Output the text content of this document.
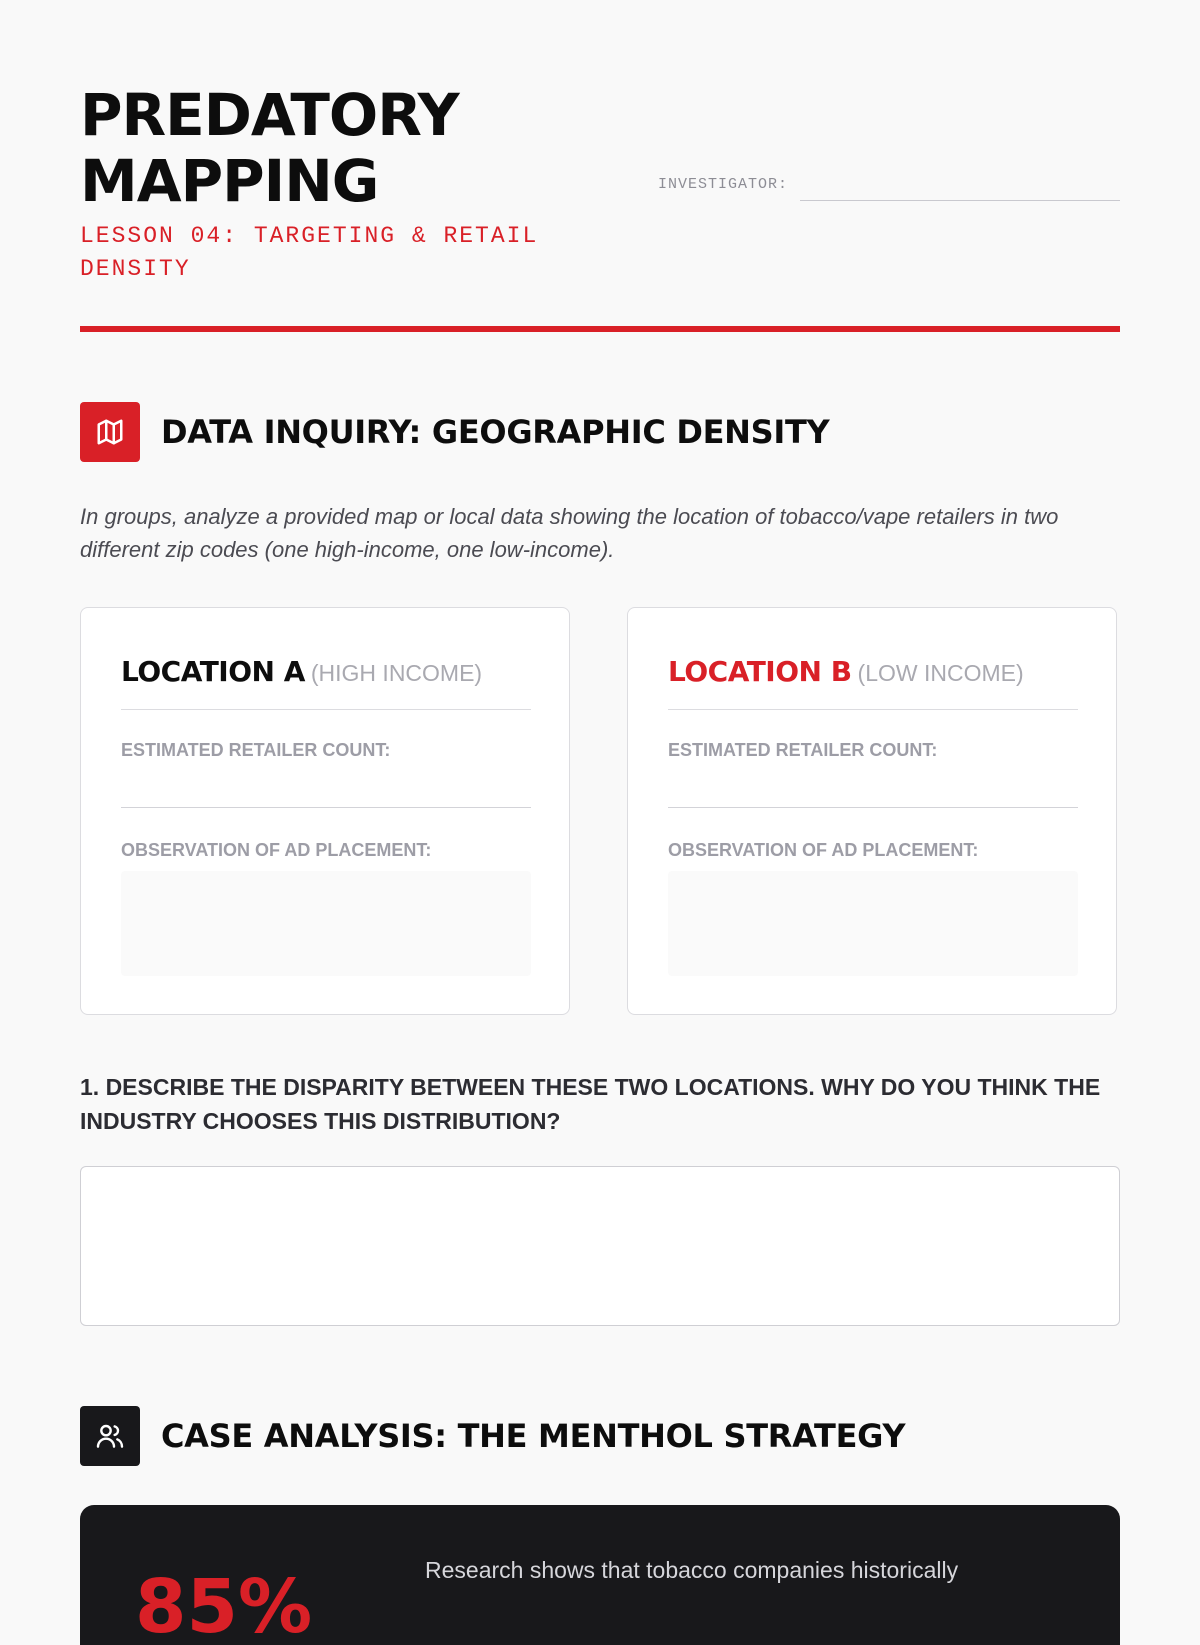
PREDATORY
MAPPING
LESSON 04: TARGETING & RETAIL DENSITY
INVESTIGATOR:
DATA INQUIRY: GEOGRAPHIC DENSITY

In groups, analyze a provided map or local data showing the location of tobacco/vape retailers in two different zip codes (one high-income, one low-income).

LOCATION A (HIGH INCOME)
ESTIMATED RETAILER COUNT:
OBSERVATION OF AD PLACEMENT:
LOCATION B (LOW INCOME)
ESTIMATED RETAILER COUNT:
OBSERVATION OF AD PLACEMENT:

1. DESCRIBE THE DISPARITY BETWEEN THESE TWO LOCATIONS. WHY DO YOU THINK THE INDUSTRY CHOOSES THIS DISTRIBUTION?

CASE ANALYSIS: THE MENTHOL STRATEGY
85%	Research shows that tobacco companies historically
